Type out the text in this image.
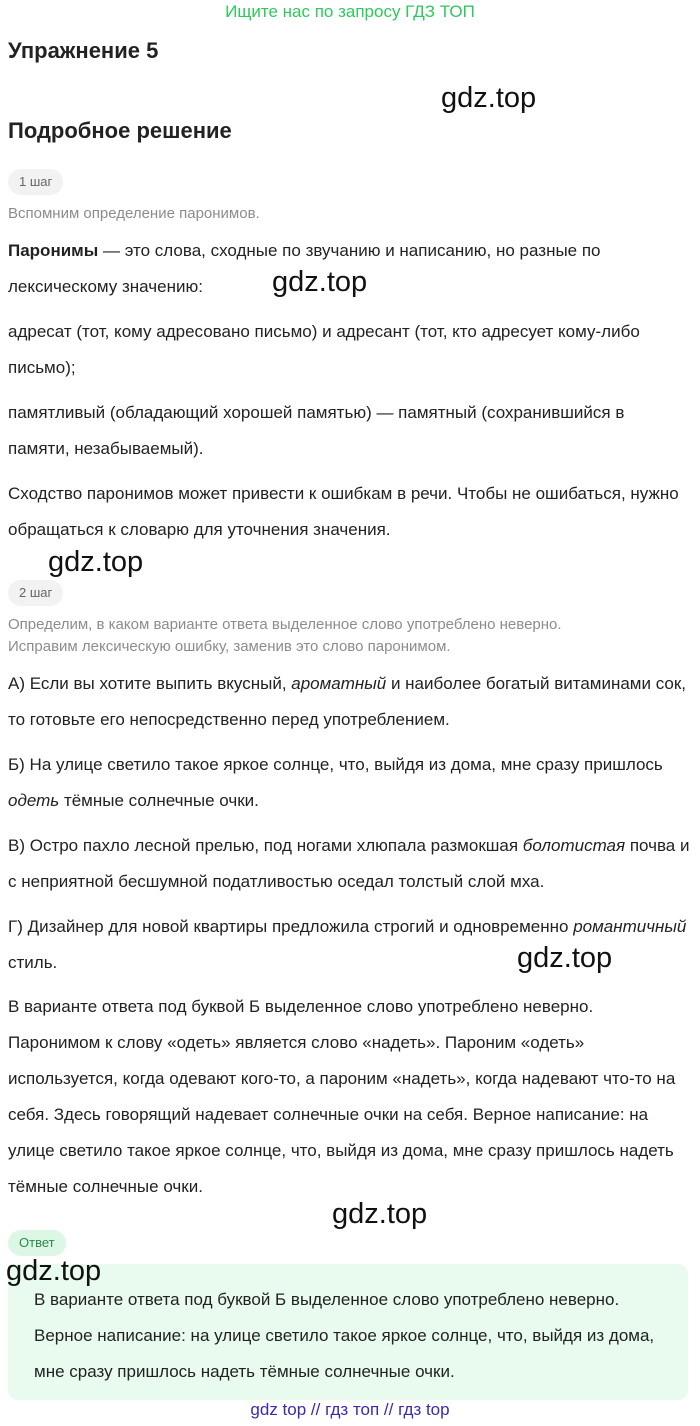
Ищите нас по запросу ГДЗ ТОП
Упражнение 5
gdz.top
Подробное решение
1 шаг
Вспомним определение паронимов.
Паронимы — это слова, сходные по звучанию и написанию, но разные по лексическому значению:	gdz.top
адресат (тот, кому адресовано письмо) и адресант (тот, кто адресует кому-либо письмо);
памятливый (обладающий хорошей памятью) — памятный (сохранившийся в памяти, незабываемый).
Сходство паронимов может привести к ошибкам в речи. Чтобы не ошибаться, нужно обращаться к словарю для уточнения значения.
gdz.top
2 шаг
Определим, в каком варианте ответа выделенное слово употреблено неверно.
Исправим лексическую ошибку, заменив это слово паронимом.
А) Если вы хотите выпить вкусный, ароматный и наиболее богатый витаминами сок, то готовьте его непосредственно перед употреблением.
Б) На улице светило такое яркое солнце, что, выйдя из дома, мне сразу пришлось одеть тёмные солнечные очки.
В) Остро пахло лесной прелью, под ногами хлюпала размокшая болотистая почва и с неприятной бесшумной податливостью оседал толстый слой мха.
Г) Дизайнер для новой квартиры предложила строгий и одновременно романтичный стиль.	gdz.top
В варианте ответа под буквой Б выделенное слово употреблено неверно. Паронимом к слову «одеть» является слово «надеть». Пароним «одеть» используется, когда одевают кого-то, а пароним «надеть», когда надевают что-то на себя. Здесь говорящий надевает солнечные очки на себя. Верное написание: на улице светило такое яркое солнце, что, выйдя из дома, мне сразу пришлось надеть тёмные солнечные очки.
gdz.top
Ответ
В варианте ответа под буквой Б выделенное слово употреблено неверно. Верное написание: на улице светило такое яркое солнце, что, выйдя из дома, мне сразу пришлось надеть тёмные солнечные очки.
gdz.top
gdz top // гдз топ // гдз top
